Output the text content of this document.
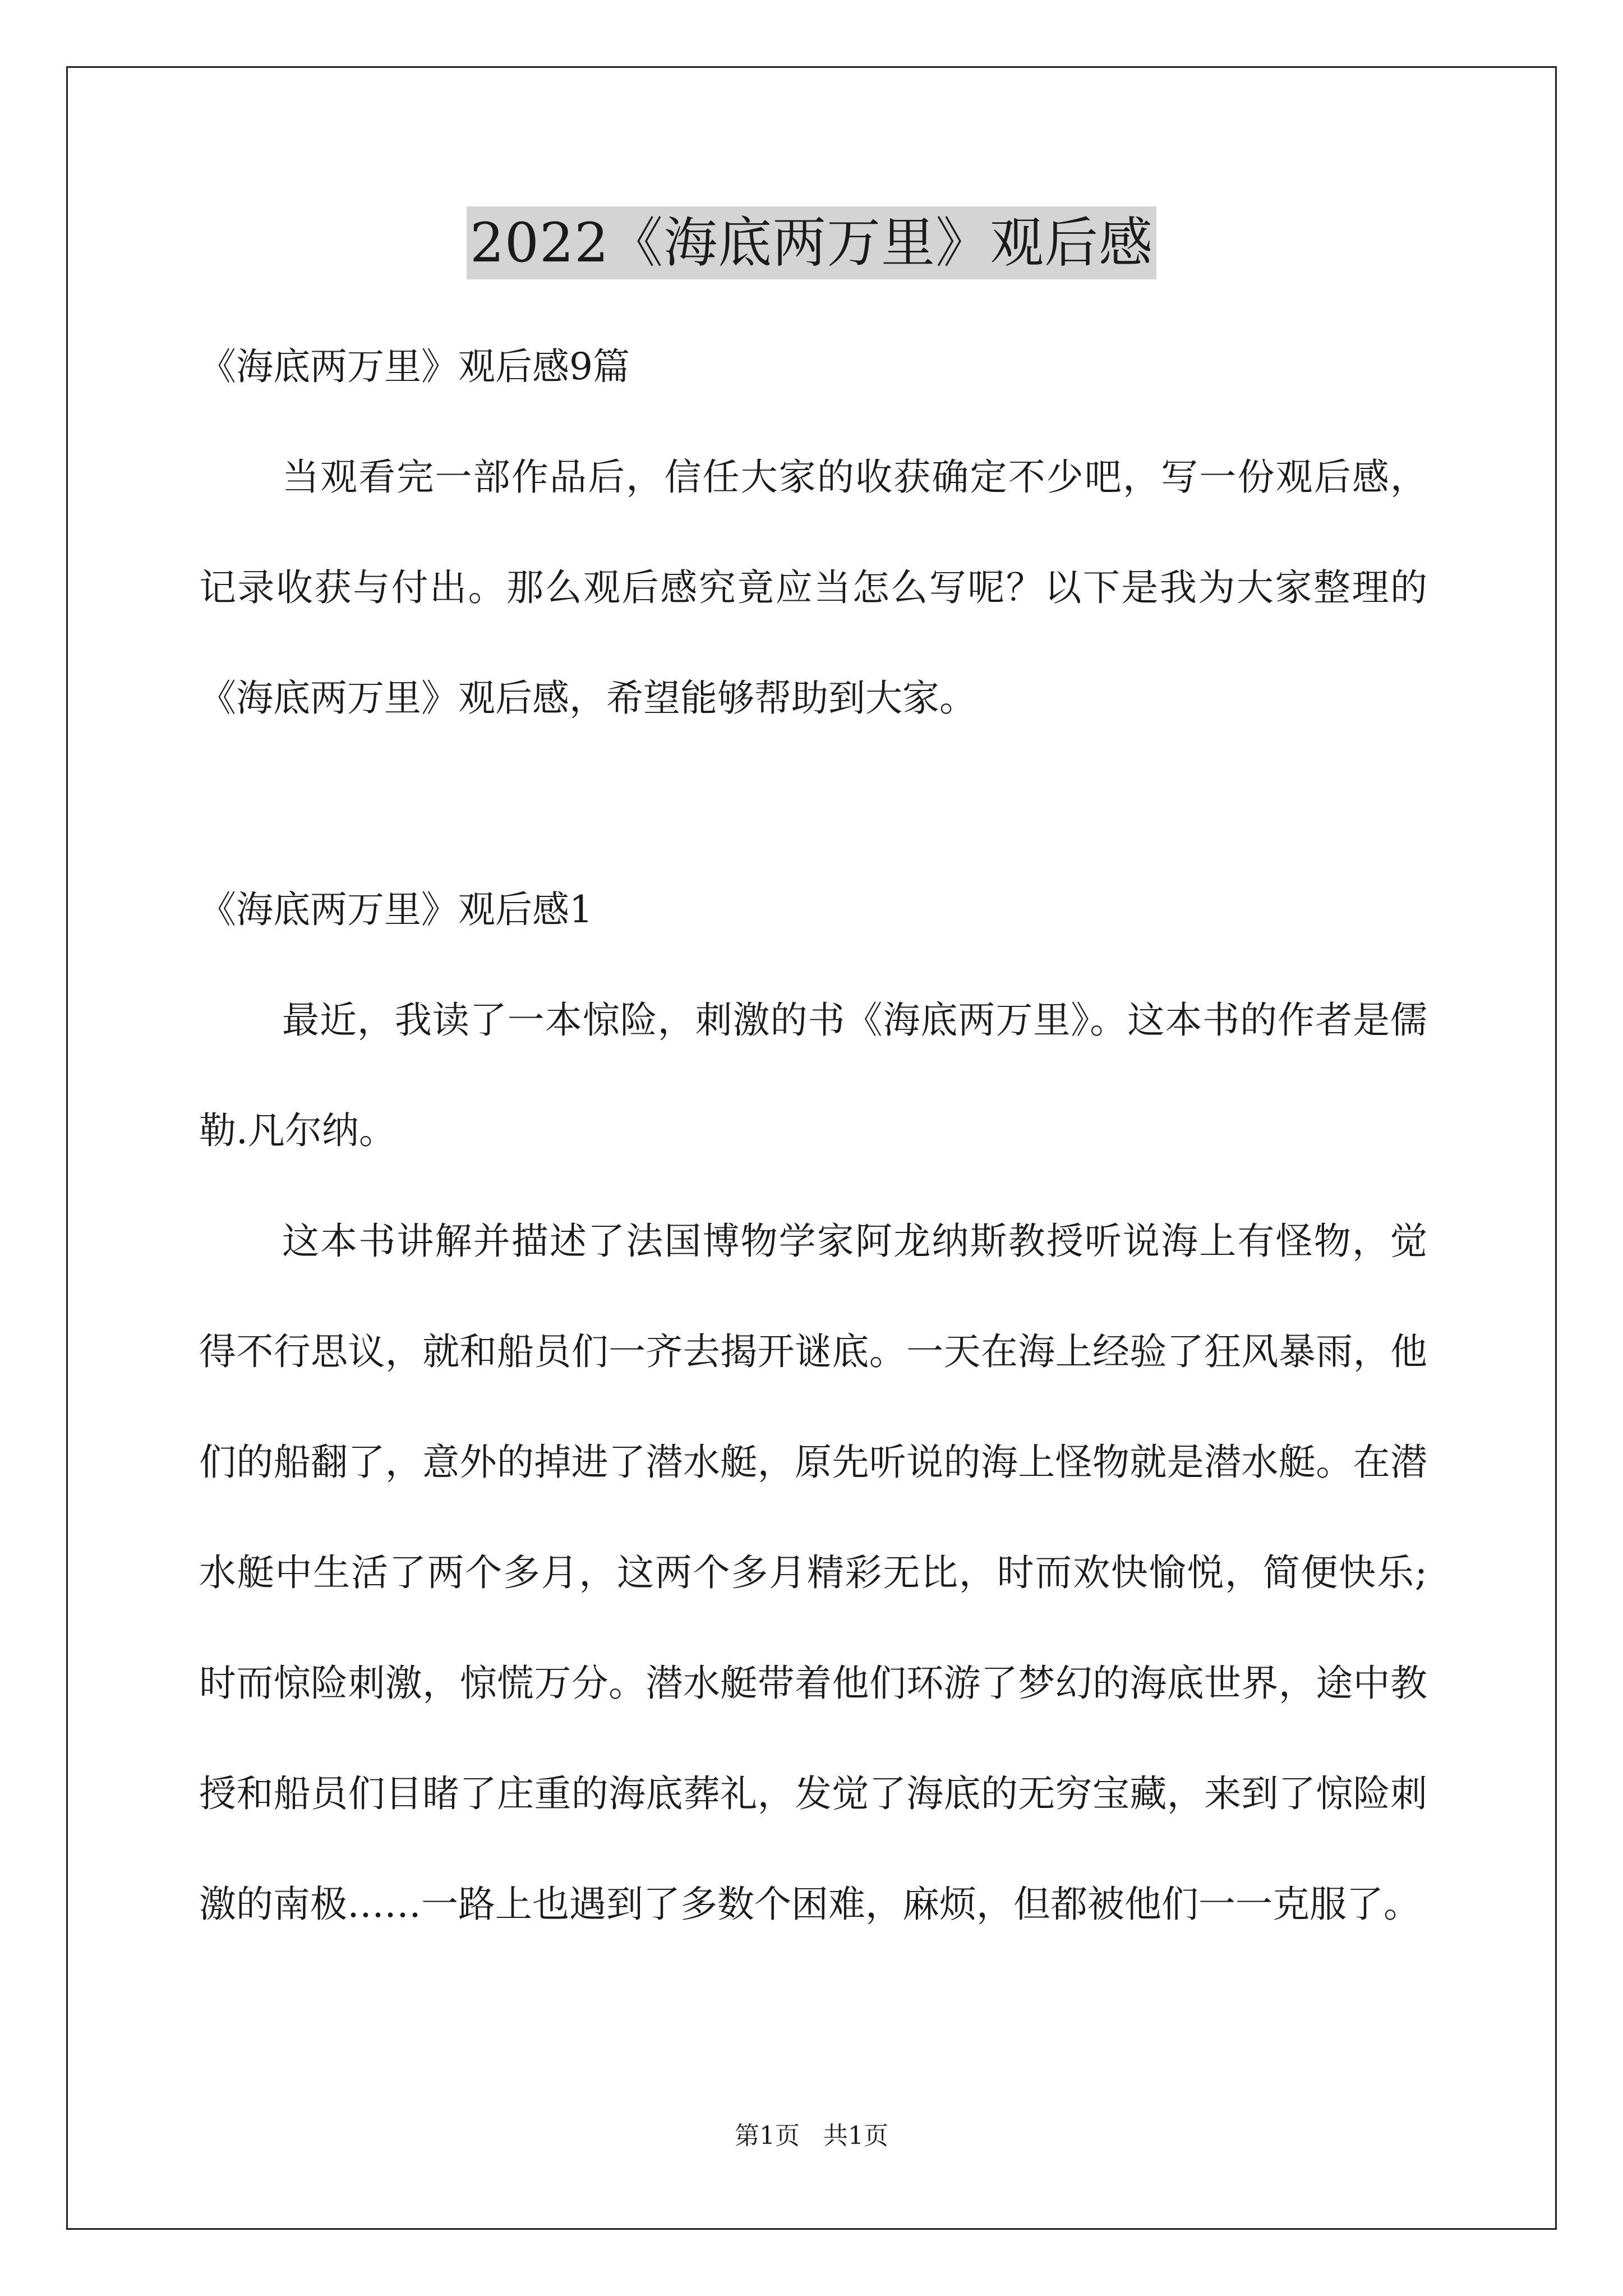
2022《海底两万里》观后感

《海底两万里》观后感9篇

当观看完一部作品后，信任大家的收获确定不少吧，写一份观后感，记录收获与付出。那么观后感究竟应当怎么写呢？以下是我为大家整理的《海底两万里》观后感，希望能够帮助到大家。

《海底两万里》观后感1

最近，我读了一本惊险，刺激的书《海底两万里》。这本书的作者是儒勒.凡尔纳。

这本书讲解并描述了法国博物学家阿龙纳斯教授听说海上有怪物，觉得不行思议，就和船员们一齐去揭开谜底。一天在海上经验了狂风暴雨，他们的船翻了，意外的掉进了潜水艇，原先听说的海上怪物就是潜水艇。在潜水艇中生活了两个多月，这两个多月精彩无比，时而欢快愉悦，简便快乐;时而惊险刺激，惊慌万分。潜水艇带着他们环游了梦幻的海底世界，途中教授和船员们目睹了庄重的海底葬礼，发觉了海底的无穷宝藏，来到了惊险刺激的南极……一路上也遇到了多数个困难，麻烦，但都被他们一一克服了。

第1页 共1页
